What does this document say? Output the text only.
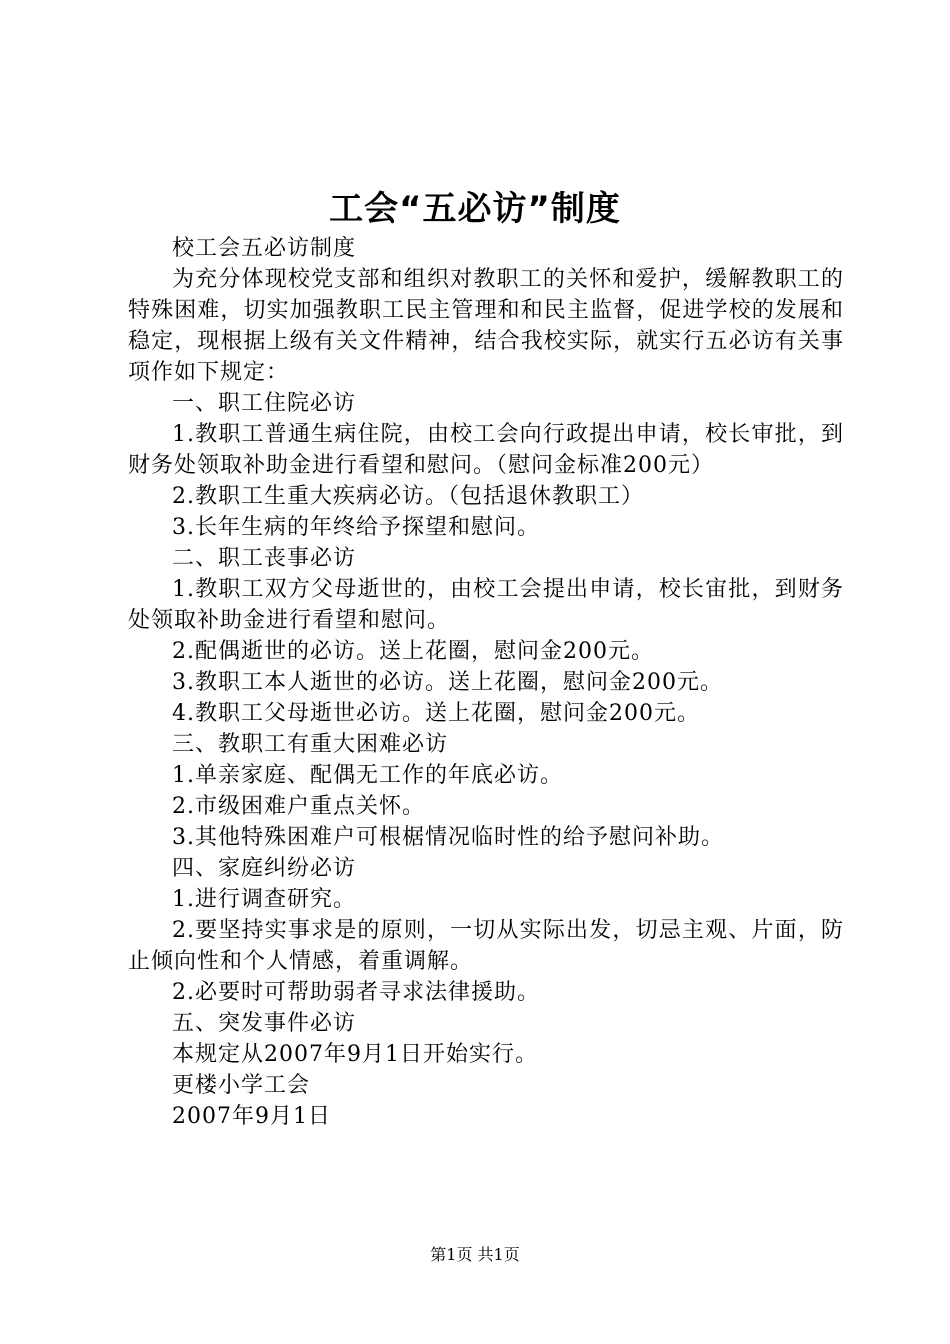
工会“五必访”制度

校工会五必访制度

为充分体现校党支部和组织对教职工的关怀和爱护，缓解教职工的特殊困难，切实加强教职工民主管理和和民主监督，促进学校的发展和稳定，现根据上级有关文件精神，结合我校实际，就实行五必访有关事项作如下规定：

一、职工住院必访

1.教职工普通生病住院，由校工会向行政提出申请，校长审批，到财务处领取补助金进行看望和慰问。（慰问金标准200元）

2.教职工生重大疾病必访。（包括退休教职工）

3.长年生病的年终给予探望和慰问。

二、职工丧事必访

1.教职工双方父母逝世的，由校工会提出申请，校长宙批，到财务处领取补助金进行看望和慰问。

2.配偶逝世的必访。送上花圈，慰问金200元。

3.教职工本人逝世的必访。送上花圈，慰问金200元。

4.教职工父母逝世必访。送上花圈，慰问金200元。

三、教职工有重大困难必访

1.单亲家庭、配偶无工作的年底必访。

2.市级困难户重点关怀。

3.其他特殊困难户可根椐情况临时性的给予慰问补助。

四、家庭纠纷必访

1.进行调查研究。

2.要坚持实事求是的原则，一切从实际出发，切忌主观、片面，防止倾向性和个人情感，着重调解。

2.必要时可帮助弱者寻求法律援助。

五、突发事件必访

本规定从2007年9月1日开始实行。

更楼小学工会

2007年9月1日

第1页 共1页
